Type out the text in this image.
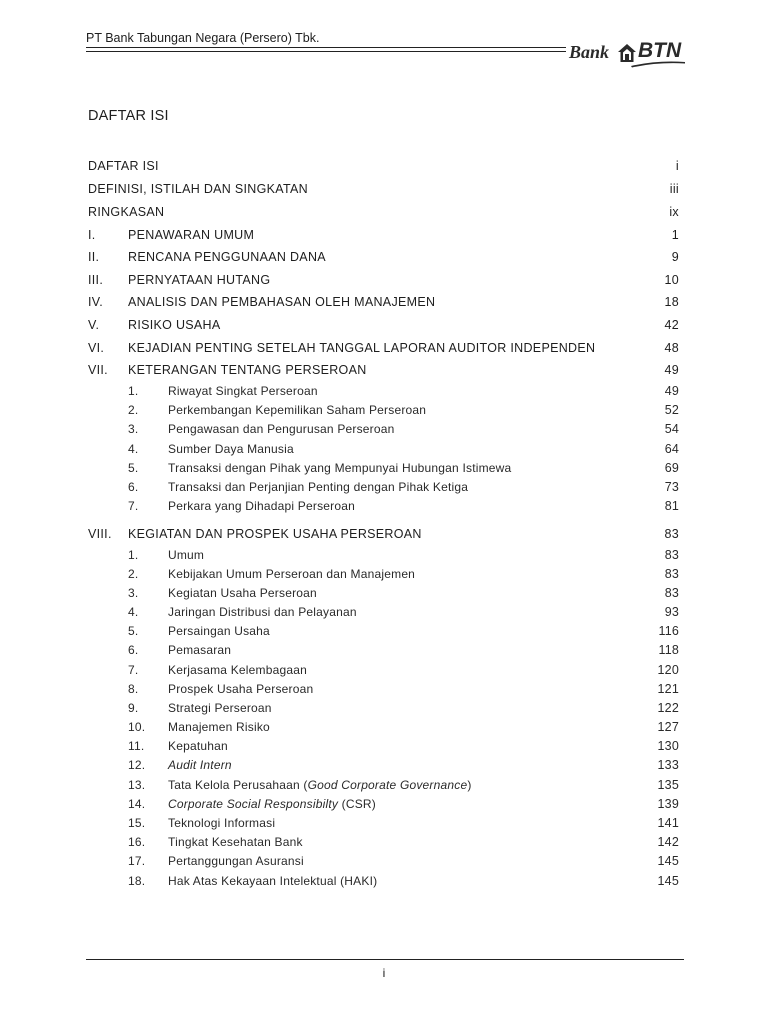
PT Bank Tabungan Negara (Persero) Tbk.
Bank BTN
DAFTAR ISI
DAFTAR ISI	i
DEFINISI, ISTILAH DAN SINGKATAN	iii
RINGKASAN	ix
I.	PENAWARAN UMUM	1
II. RENCANA PENGGUNAAN DANA	9
III. PERNYATAAN HUTANG	10
IV. ANALISIS DAN PEMBAHASAN OLEH MANAJEMEN	18
V. RISIKO USAHA	42
VI. KEJADIAN PENTING SETELAH TANGGAL LAPORAN AUDITOR INDEPENDEN	48
VII. KETERANGAN TENTANG PERSEROAN	49
1. Riwayat Singkat Perseroan	49
2. Perkembangan Kepemilikan Saham Perseroan	52
3. Pengawasan dan Pengurusan Perseroan	54
4. Sumber Daya Manusia	64
5. Transaksi dengan Pihak yang Mempunyai Hubungan Istimewa	69
6. Transaksi dan Perjanjian Penting dengan Pihak Ketiga	73
7. Perkara yang Dihadapi Perseroan	81
VIII. KEGIATAN DAN PROSPEK USAHA PERSEROAN	83
1. Umum	83
2. Kebijakan Umum Perseroan dan Manajemen	83
3. Kegiatan Usaha Perseroan	83
4. Jaringan Distribusi dan Pelayanan	93
5. Persaingan Usaha	116
6. Pemasaran	118
7. Kerjasama Kelembagaan	120
8. Prospek Usaha Perseroan	121
9. Strategi Perseroan	122
10. Manajemen Risiko	127
11. Kepatuhan	130
12. Audit Intern	133
13. Tata Kelola Perusahaan (Good Corporate Governance)	135
14. Corporate Social Responsibilty (CSR)	139
15. Teknologi Informasi	141
16. Tingkat Kesehatan Bank	142
17. Pertanggungan Asuransi	145
18. Hak Atas Kekayaan Intelektual (HAKI)	145
i
